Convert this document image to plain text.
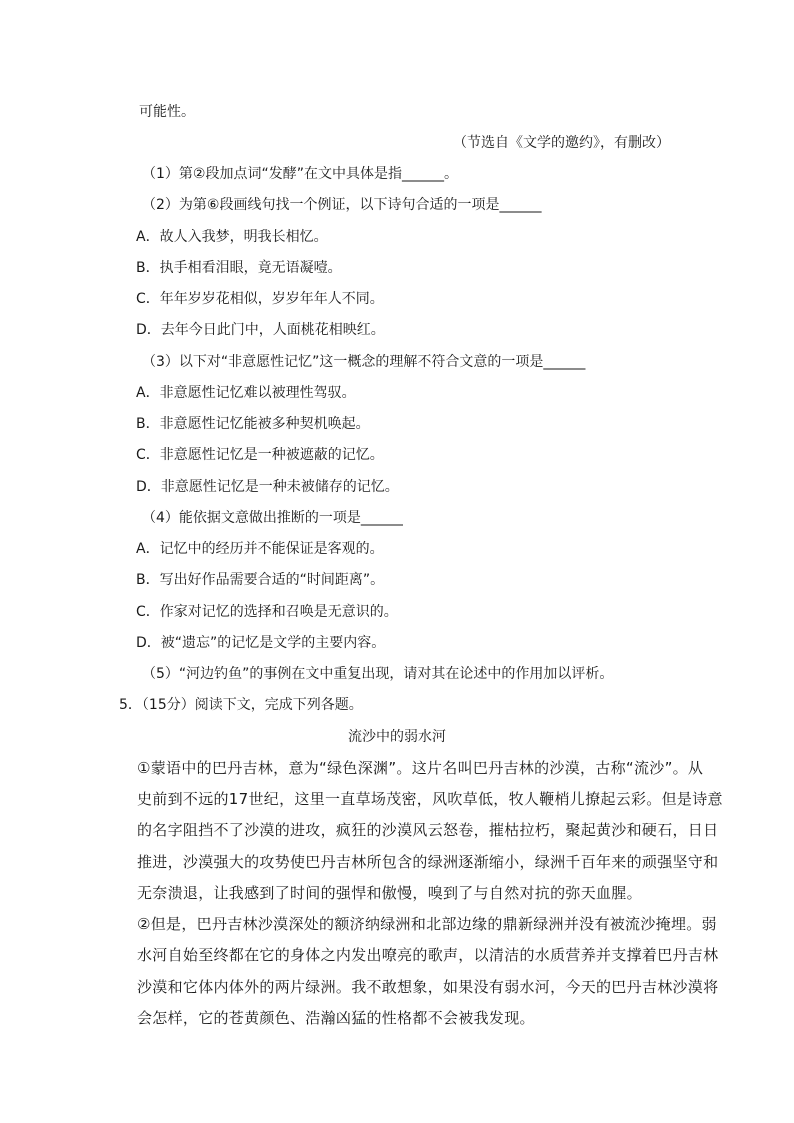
可能性。
（节选自《文学的邀约》，有删改）
（1）第②段加点词“发酵”在文中具体是指______。
（2）为第⑥段画线句找一个例证，以下诗句合适的一项是______
A．故人入我梦，明我长相忆。
B．执手相看泪眼，竟无语凝噎。
C．年年岁岁花相似，岁岁年年人不同。
D．去年今日此门中，人面桃花相映红。
（3）以下对“非意愿性记忆”这一概念的理解不符合文意的一项是______
A．非意愿性记忆难以被理性驾驭。
B．非意愿性记忆能被多种契机唤起。
C．非意愿性记忆是一种被遮蔽的记忆。
D．非意愿性记忆是一种未被储存的记忆。
（4）能依据文意做出推断的一项是______
A．记忆中的经历并不能保证是客观的。
B．写出好作品需要合适的“时间距离”。
C．作家对记忆的选择和召唤是无意识的。
D．被“遗忘”的记忆是文学的主要内容。
（5）“河边钓鱼”的事例在文中重复出现，请对其在论述中的作用加以评析。
5．（15分）阅读下文，完成下列各题。
流沙中的弱水河
①蒙语中的巴丹吉林，意为“绿色深渊”。这片名叫巴丹吉林的沙漠，古称“流沙”。从
史前到不远的17世纪，这里一直草场茂密，风吹草低，牧人鞭梢儿撩起云彩。但是诗意
的名字阻挡不了沙漠的进攻，疯狂的沙漠风云怒卷，摧枯拉朽，聚起黄沙和硬石，日日
推进，沙漠强大的攻势使巴丹吉林所包含的绿洲逐渐缩小，绿洲千百年来的顽强坚守和
无奈溃退，让我感到了时间的强悍和傲慢，嗅到了与自然对抗的弥天血腥。
②但是，巴丹吉林沙漠深处的额济纳绿洲和北部边缘的鼎新绿洲并没有被流沙掩埋。弱
水河自始至终都在它的身体之内发出嘹亮的歌声，以清洁的水质营养并支撑着巴丹吉林
沙漠和它体内体外的两片绿洲。我不敢想象，如果没有弱水河，今天的巴丹吉林沙漠将
会怎样，它的苍黄颜色、浩瀚凶猛的性格都不会被我发现。
